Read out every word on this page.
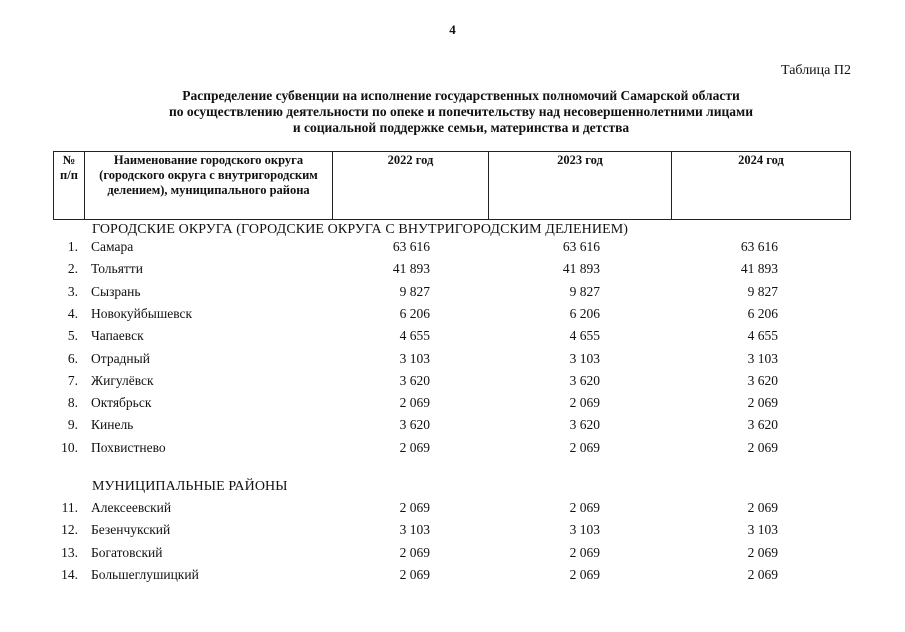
4
Таблица П2
Распределение субвенции на исполнение государственных полномочий Самарской области
по осуществлению деятельности по опеке и попечительству над несовершеннолетними лицами
и социальной поддержке семьи, материнства и детства
№ п/п	Наименование городского округа (городского округа с внутригородским делением), муниципального района	2022 год	2023 год	2024 год
ГОРОДСКИЕ ОКРУГА (ГОРОДСКИЕ ОКРУГА С ВНУТРИГОРОДСКИМ ДЕЛЕНИЕМ)
1. Самара	63 616	63 616	63 616
2. Тольятти	41 893	41 893	41 893
3. Сызрань	9 827	9 827	9 827
4. Новокуйбышевск	6 206	6 206	6 206
5. Чапаевск	4 655	4 655	4 655
6. Отрадный	3 103	3 103	3 103
7. Жигулёвск	3 620	3 620	3 620
8. Октябрьск	2 069	2 069	2 069
9. Кинель	3 620	3 620	3 620
10. Похвистнево	2 069	2 069	2 069
МУНИЦИПАЛЬНЫЕ РАЙОНЫ
11. Алексеевский	2 069	2 069	2 069
12. Безенчукский	3 103	3 103	3 103
13. Богатовский	2 069	2 069	2 069
14. Большеглушицкий	2 069	2 069	2 069
